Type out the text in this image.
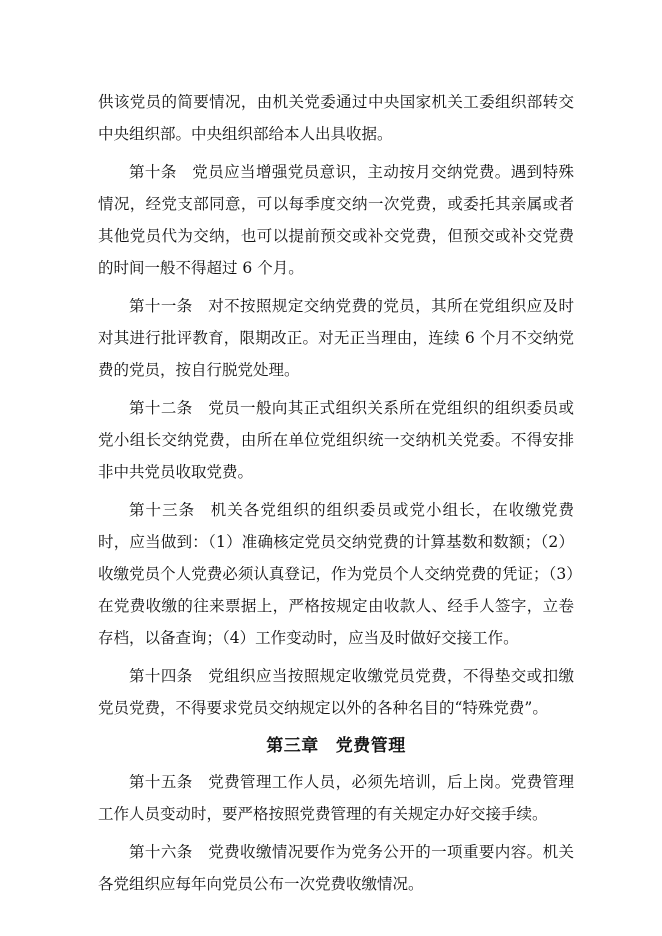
供该党员的简要情况，由机关党委通过中央国家机关工委组织部转交中央组织部。中央组织部给本人出具收据。

第十条 党员应当增强党员意识，主动按月交纳党费。遇到特殊情况，经党支部同意，可以每季度交纳一次党费，或委托其亲属或者其他党员代为交纳，也可以提前预交或补交党费，但预交或补交党费的时间一般不得超过 6 个月。

第十一条 对不按照规定交纳党费的党员，其所在党组织应及时对其进行批评教育，限期改正。对无正当理由，连续 6 个月不交纳党费的党员，按自行脱党处理。

第十二条 党员一般向其正式组织关系所在党组织的组织委员或党小组长交纳党费，由所在单位党组织统一交纳机关党委。不得安排非中共党员收取党费。

第十三条 机关各党组织的组织委员或党小组长，在收缴党费时，应当做到：（1）准确核定党员交纳党费的计算基数和数额；（2）收缴党员个人党费必须认真登记，作为党员个人交纳党费的凭证；（3）在党费收缴的往来票据上，严格按规定由收款人、经手人签字，立卷存档，以备查询；（4）工作变动时，应当及时做好交接工作。

第十四条 党组织应当按照规定收缴党员党费，不得垫交或扣缴党员党费，不得要求党员交纳规定以外的各种名目的“特殊党费”。

第三章 党费管理

第十五条 党费管理工作人员，必须先培训，后上岗。党费管理工作人员变动时，要严格按照党费管理的有关规定办好交接手续。

第十六条 党费收缴情况要作为党务公开的一项重要内容。机关各党组织应每年向党员公布一次党费收缴情况。
